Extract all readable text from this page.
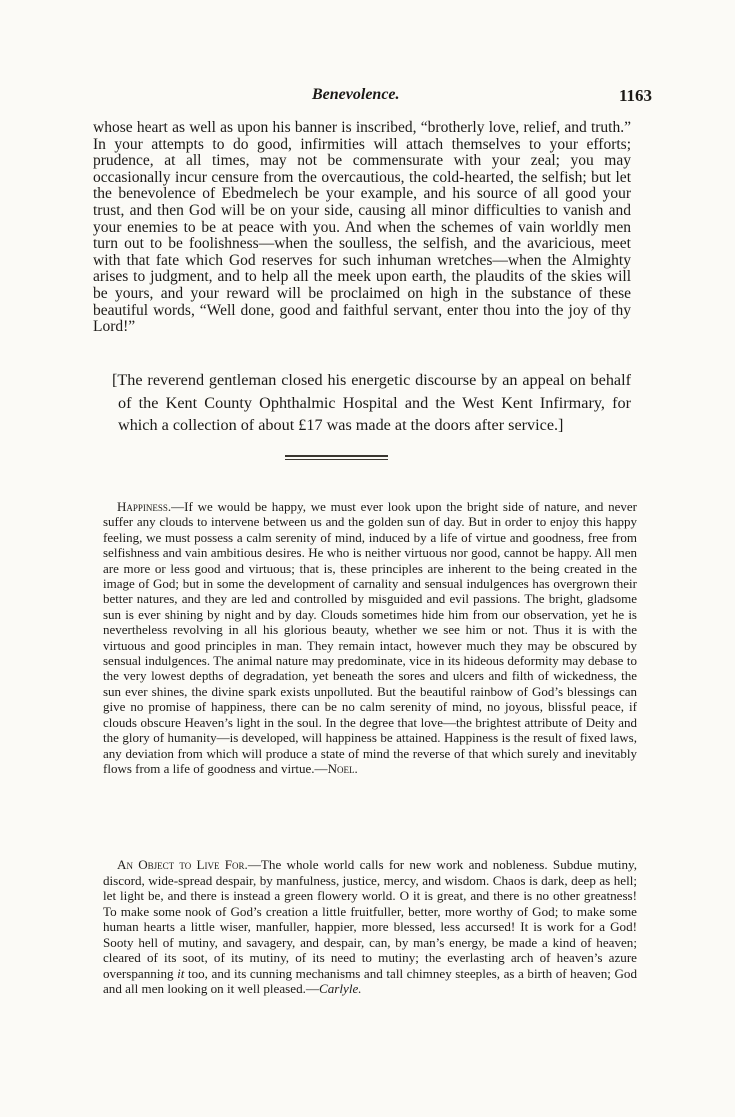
Benevolence.	1163

whose heart as well as upon his banner is inscribed, “brotherly love, relief, and truth.” In your attempts to do good, infirmities will attach themselves to your efforts; prudence, at all times, may not be commensurate with your zeal; you may occasionally incur censure from the overcautious, the cold-hearted, the selfish; but let the benevolence of Ebedmelech be your example, and his source of all good your trust, and then God will be on your side, causing all minor difficulties to vanish and your enemies to be at peace with you. And when the schemes of vain worldly men turn out to be foolishness—when the soulless, the selfish, and the avaricious, meet with that fate which God reserves for such inhuman wretches—when the Almighty arises to judgment, and to help all the meek upon earth, the plaudits of the skies will be yours, and your reward will be proclaimed on high in the substance of these beautiful words, “Well done, good and faithful servant, enter thou into the joy of thy Lord!”

[The reverend gentleman closed his energetic discourse by an appeal on behalf of the Kent County Ophthalmic Hospital and the West Kent Infirmary, for which a collection of about £17 was made at the doors after service.]

Happiness.—If we would be happy, we must ever look upon the bright side of nature, and never suffer any clouds to intervene between us and the golden sun of day. But in order to enjoy this happy feeling, we must possess a calm serenity of mind, induced by a life of virtue and goodness, free from selfishness and vain ambitious desires. He who is neither virtuous nor good, cannot be happy. All men are more or less good and virtuous; that is, these principles are inherent to the being created in the image of God; but in some the development of carnality and sensual indulgences has overgrown their better natures, and they are led and controlled by misguided and evil passions. The bright, gladsome sun is ever shining by night and by day. Clouds sometimes hide him from our observation, yet he is nevertheless revolving in all his glorious beauty, whether we see him or not. Thus it is with the virtuous and good principles in man. They remain intact, however much they may be obscured by sensual indulgences. The animal nature may predominate, vice in its hideous deformity may debase to the very lowest depths of degradation, yet beneath the sores and ulcers and filth of wickedness, the sun ever shines, the divine spark exists unpolluted. But the beautiful rainbow of God’s blessings can give no promise of happiness, there can be no calm serenity of mind, no joyous, blissful peace, if clouds obscure Heaven’s light in the soul. In the degree that love—the brightest attribute of Deity and the glory of humanity—is developed, will happiness be attained. Happiness is the result of fixed laws, any deviation from which will produce a state of mind the reverse of that which surely and inevitably flows from a life of goodness and virtue.—Noel.

An Object to Live For.—The whole world calls for new work and nobleness. Subdue mutiny, discord, wide-spread despair, by manfulness, justice, mercy, and wisdom. Chaos is dark, deep as hell; let light be, and there is instead a green flowery world. O it is great, and there is no other greatness! To make some nook of God’s creation a little fruitfuller, better, more worthy of God; to make some human hearts a little wiser, manfuller, happier, more blessed, less accursed! It is work for a God! Sooty hell of mutiny, and savagery, and despair, can, by man’s energy, be made a kind of heaven; cleared of its soot, of its mutiny, of its need to mutiny; the everlasting arch of heaven’s azure overspanning it too, and its cunning mechanisms and tall chimney steeples, as a birth of heaven; God and all men looking on it well pleased.—Carlyle.
